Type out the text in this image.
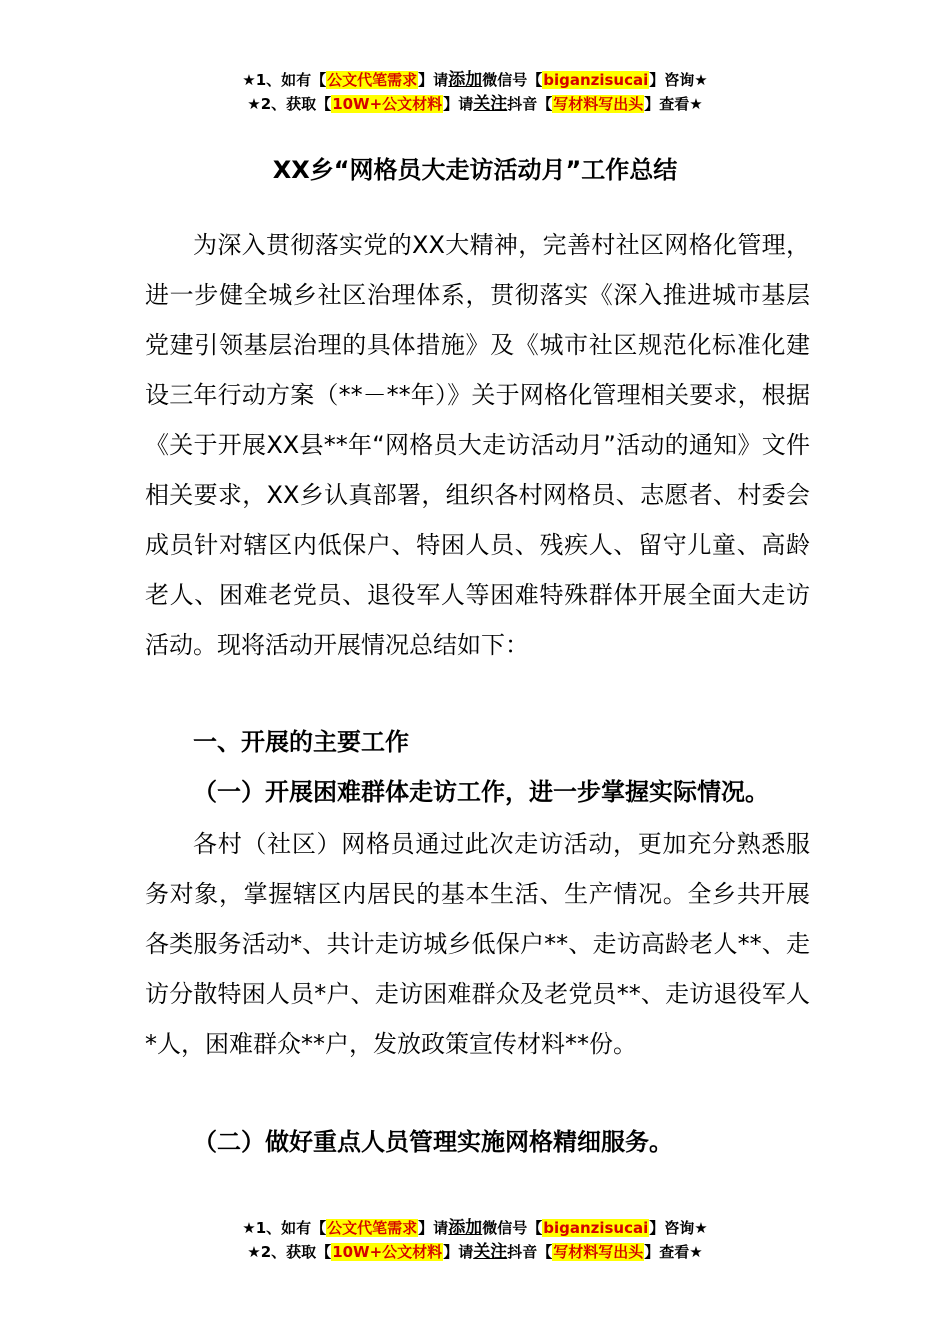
★1、如有【公文代笔需求】请添加微信号【biganzisucai】咨询★
★2、获取【10W+公文材料】请关注抖音【写材料写出头】查看★
XX乡“网格员大走访活动月”工作总结

为深入贯彻落实党的XX大精神，完善村社区网格化管理，进一步健全城乡社区治理体系，贯彻落实《深入推进城市基层党建引领基层治理的具体措施》及《城市社区规范化标准化建设三年行动方案（**－**年）》关于网格化管理相关要求，根据《关于开展XX县**年“网格员大走访活动月”活动的通知》文件相关要求，XX乡认真部署，组织各村网格员、志愿者、村委会成员针对辖区内低保户、特困人员、残疾人、留守儿童、高龄老人、困难老党员、退役军人等困难特殊群体开展全面大走访活动。现将活动开展情况总结如下：

一、开展的主要工作
（一）开展困难群体走访工作，进一步掌握实际情况。

各村（社区）网格员通过此次走访活动，更加充分熟悉服务对象，掌握辖区内居民的基本生活、生产情况。全乡共开展各类服务活动*、共计走访城乡低保户**、走访高龄老人**、走访分散特困人员*户、走访困难群众及老党员**、走访退役军人*人，困难群众**户，发放政策宣传材料**份。

（二）做好重点人员管理实施网格精细服务。
★1、如有【公文代笔需求】请添加微信号【biganzisucai】咨询★
★2、获取【10W+公文材料】请关注抖音【写材料写出头】查看★
